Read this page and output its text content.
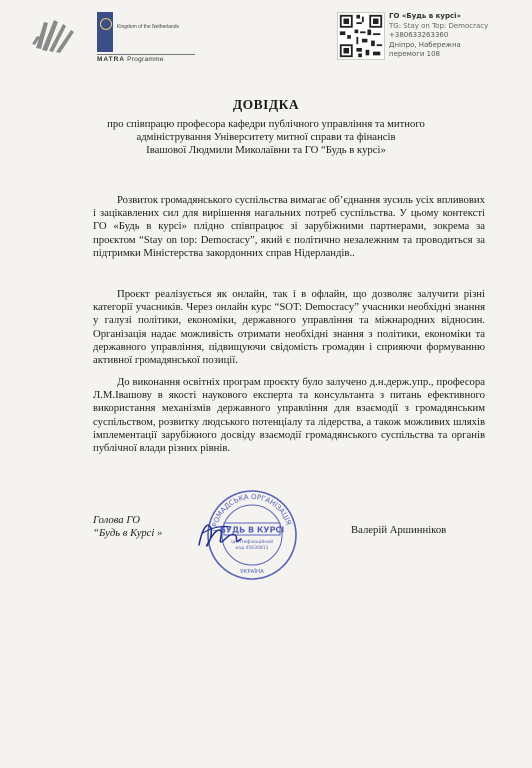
Kingdom of the Netherlands
MATRA Programme
ГО «Будь в курсі»
TG: Stay on Top: Democracy
+380633263360
Дніпро, Набережна
перемоги 108
ДОВІДКА
про співпрацю професора кафедри публічного управління та митного
адміністрування Університету митної справи та фінансів
Івашової Людмили Миколаївни та ГО “Будь в курсі»

Розвиток громадянського суспільства вимагає об’єднання зусиль усіх впливових і зацікавлених сил для вирішення нагальних потреб суспільства. У цьому контексті ГО «Будь в курсі» плідно співпрацює зі зарубіжними партнерами, зокрема за проєктом “Stay on top: Democracy”, який є політично незалежним та проводиться за підтримки Міністерства закордонних справ Нідерландів..

Проєкт реалізується як онлайн, так і в офлайн, що дозволяє залучити різні категорії учасників. Через онлайн курс “SOT: Democracy” учасники необхідні знання у галузі політики, економіки, державного управління та міжнародних відносин. Організація надає можливість отримати необхідні знання з політики, економіки та державного управління, підвищуючи свідомість громадян і сприяючи формуванню активної громадянської позиції.

До виконання освітніх програм проєкту було залучено д.н.держ.упр., професора Л.М.Івашову в якості наукового експерта та консультанта з питань ефективного використання механізмів державного управління для взаємодії з громадянським суспільством, розвитку людського потенціалу та лідерства, а також можливих шляхів імплементації зарубіжного досвіду взаємодії громадянського суспільства та органів публічної влади різних рівнів.

Голова ГО
“Будь в Курсі »	ГРОМАДСЬКА ОРГАНІЗАЦІЯ
БУДЬ В КУРСІ
ідентифікаційний
код 45630811
УКРАЇНА
Валерій Аршинніков
